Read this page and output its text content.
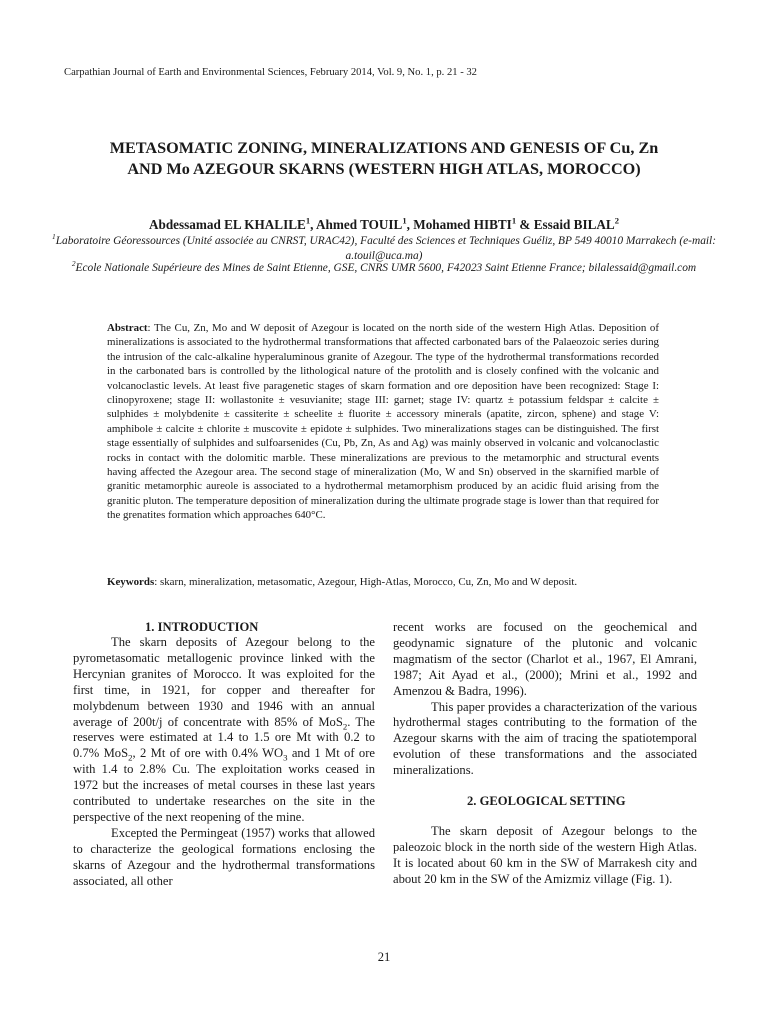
Carpathian Journal of Earth and Environmental Sciences, February 2014, Vol. 9, No. 1, p. 21 - 32
METASOMATIC ZONING, MINERALIZATIONS AND GENESIS OF Cu, Zn
AND Mo AZEGOUR SKARNS (WESTERN HIGH ATLAS, MOROCCO)
Abdessamad EL KHALILE$^1$, Ahmed TOUIL$^1$, Mohamed HIBTI$^1$ & Essaid BILAL$^2$
$^1$Laboratoire Géoressources (Unité associée au CNRST, URAC42), Faculté des Sciences et Techniques Guéliz, BP 549 40010 Marrakech (e-mail: a.touil@uca.ma)
$^2$Ecole Nationale Supérieure des Mines de Saint Etienne, GSE, CNRS UMR 5600, F42023 Saint Etienne France; bilalessaid@gmail.com
Abstract: The Cu, Zn, Mo and W deposit of Azegour is located on the north side of the western High Atlas. Deposition of mineralizations is associated to the hydrothermal transformations that affected carbonated bars of the Palaeozoic series during the intrusion of the calc-alkaline hyperaluminous granite of Azegour. The type of the hydrothermal transformations recorded in the carbonated bars is controlled by the lithological nature of the protolith and is closely confined with the volcanic and volcanoclastic levels. At least five paragenetic stages of skarn formation and ore deposition have been recognized: Stage I: clinopyroxene; stage II: wollastonite ± vesuvianite; stage III: garnet; stage IV: quartz ± potassium feldspar ± calcite ± sulphides ± molybdenite ± cassiterite ± scheelite ± fluorite ± accessory minerals (apatite, zircon, sphene) and stage V: amphibole ± calcite ± chlorite ± muscovite ± epidote ± sulphides. Two mineralizations stages can be distinguished. The first stage essentially of sulphides and sulfoarsenides (Cu, Pb, Zn, As and Ag) was mainly observed in volcanic and volcanoclastic rocks in contact with the dolomitic marble. These mineralizations are previous to the metamorphic and structural events having affected the Azegour area. The second stage of mineralization (Mo, W and Sn) observed in the skarnified marble of granitic metamorphic aureole is associated to a hydrothermal metamorphism produced by an acidic fluid arising from the granitic pluton. The temperature deposition of mineralization during the ultimate prograde stage is lower than that required for the grenatites formation which approaches 640°C.
Keywords: skarn, mineralization, metasomatic, Azegour, High-Atlas, Morocco, Cu, Zn, Mo and W deposit.

1. INTRODUCTION

The skarn deposits of Azegour belong to the pyrometasomatic metallogenic province linked with the Hercynian granites of Morocco. It was exploited for the first time, in 1921, for copper and thereafter for molybdenum between 1930 and 1946 with an annual average of 200t/j of concentrate with 85% of MoS$_2$. The reserves were estimated at 1.4 to 1.5 ore Mt with 0.2 to 0.7% MoS$_2$, 2 Mt of ore with 0.4% $WO_3$ and 1 Mt of ore with 1.4 to 2.8% Cu. The exploitation works ceased in 1972 but the increases of metal courses in these last years contributed to undertake researches on the site in the perspective of the next reopening of the mine.

Excepted the Permingeat (1957) works that allowed to characterize the geological formations enclosing the skarns of Azegour and the hydrothermal transformations associated, all other

recent works are focused on the geochemical and geodynamic signature of the plutonic and volcanic magmatism of the sector (Charlot et al., 1967, El Amrani, 1987; Ait Ayad et al., (2000); Mrini et al., 1992 and Amenzou & Badra, 1996).

This paper provides a characterization of the various hydrothermal stages contributing to the formation of the Azegour skarns with the aim of tracing the spatiotemporal evolution of these transformations and the associated mineralizations.

2. GEOLOGICAL SETTING

The skarn deposit of Azegour belongs to the paleozoic block in the north side of the western High Atlas. It is located about 60 km in the SW of Marrakesh city and about 20 km in the SW of the Amizmiz village (Fig. 1).

21
